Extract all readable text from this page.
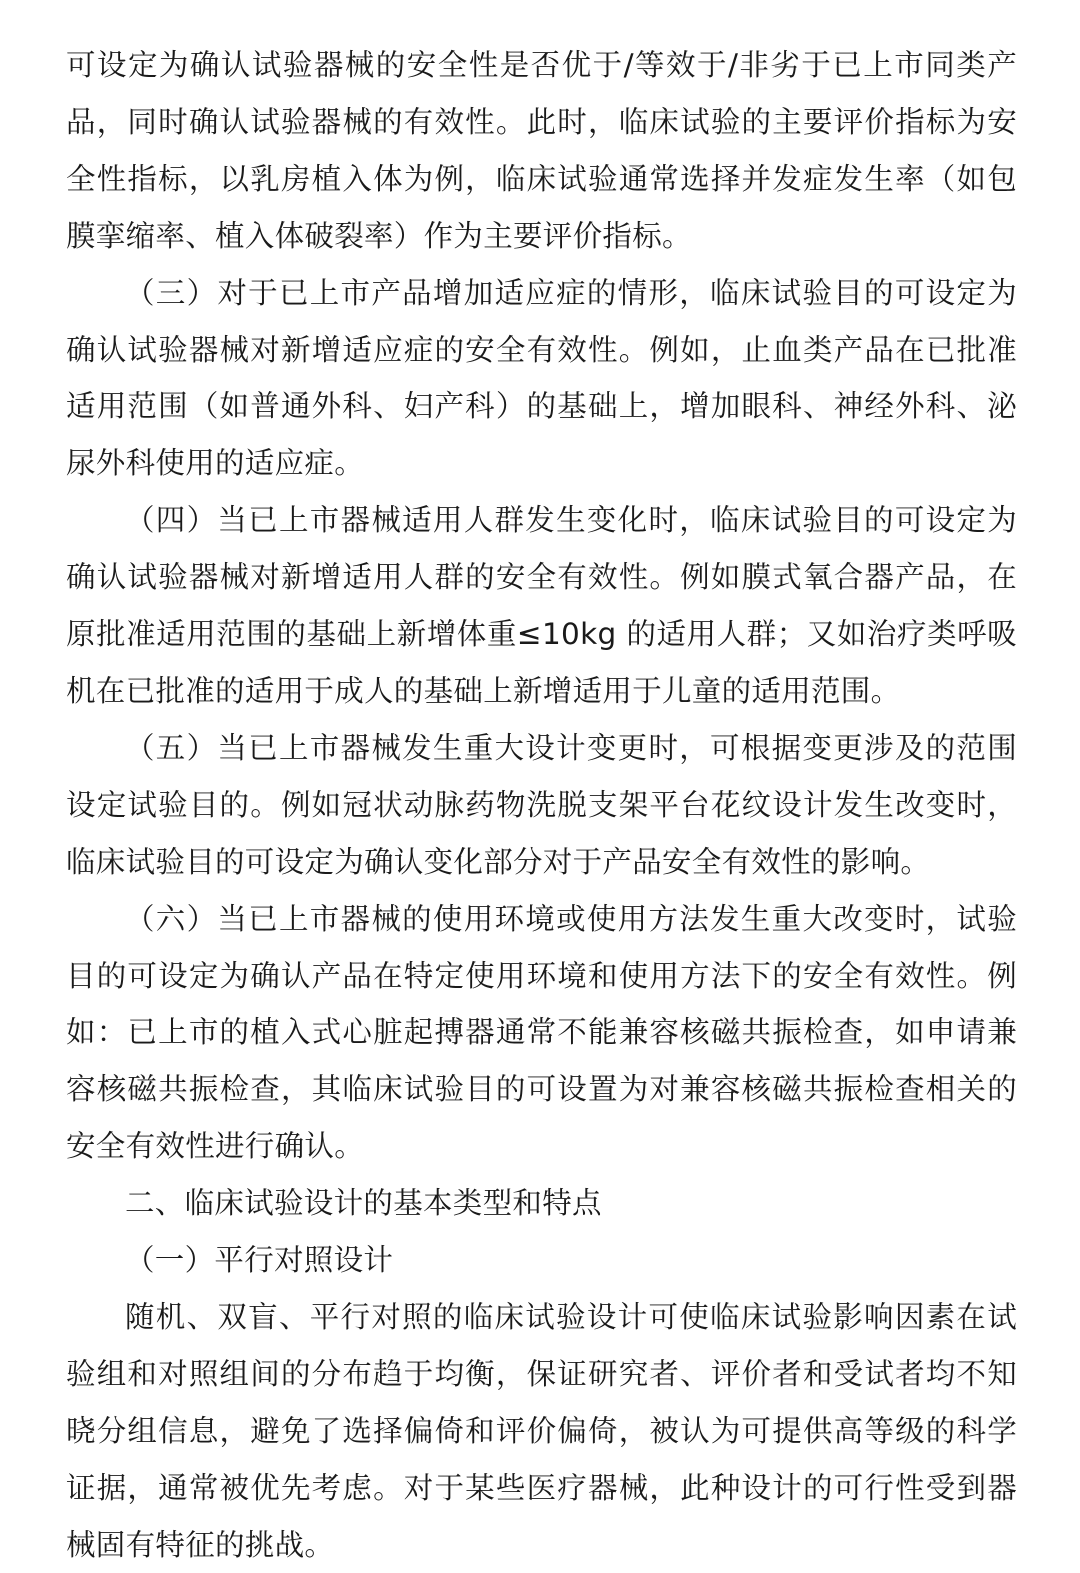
可设定为确认试验器械的安全性是否优于/等效于/非劣于已上市同类产品，同时确认试验器械的有效性。此时，临床试验的主要评价指标为安全性指标，以乳房植入体为例，临床试验通常选择并发症发生率（如包膜挛缩率、植入体破裂率）作为主要评价指标。

（三）对于已上市产品增加适应症的情形，临床试验目的可设定为确认试验器械对新增适应症的安全有效性。例如，止血类产品在已批准适用范围（如普通外科、妇产科）的基础上，增加眼科、神经外科、泌尿外科使用的适应症。

（四）当已上市器械适用人群发生变化时，临床试验目的可设定为确认试验器械对新增适用人群的安全有效性。例如膜式氧合器产品，在原批准适用范围的基础上新增体重≤10kg 的适用人群；又如治疗类呼吸机在已批准的适用于成人的基础上新增适用于儿童的适用范围。

（五）当已上市器械发生重大设计变更时，可根据变更涉及的范围设定试验目的。例如冠状动脉药物洗脱支架平台花纹设计发生改变时，临床试验目的可设定为确认变化部分对于产品安全有效性的影响。

（六）当已上市器械的使用环境或使用方法发生重大改变时，试验目的可设定为确认产品在特定使用环境和使用方法下的安全有效性。例如：已上市的植入式心脏起搏器通常不能兼容核磁共振检查，如申请兼容核磁共振检查，其临床试验目的可设置为对兼容核磁共振检查相关的安全有效性进行确认。

二、临床试验设计的基本类型和特点

（一）平行对照设计

随机、双盲、平行对照的临床试验设计可使临床试验影响因素在试验组和对照组间的分布趋于均衡，保证研究者、评价者和受试者均不知晓分组信息，避免了选择偏倚和评价偏倚，被认为可提供高等级的科学证据，通常被优先考虑。对于某些医疗器械，此种设计的可行性受到器械固有特征的挑战。
